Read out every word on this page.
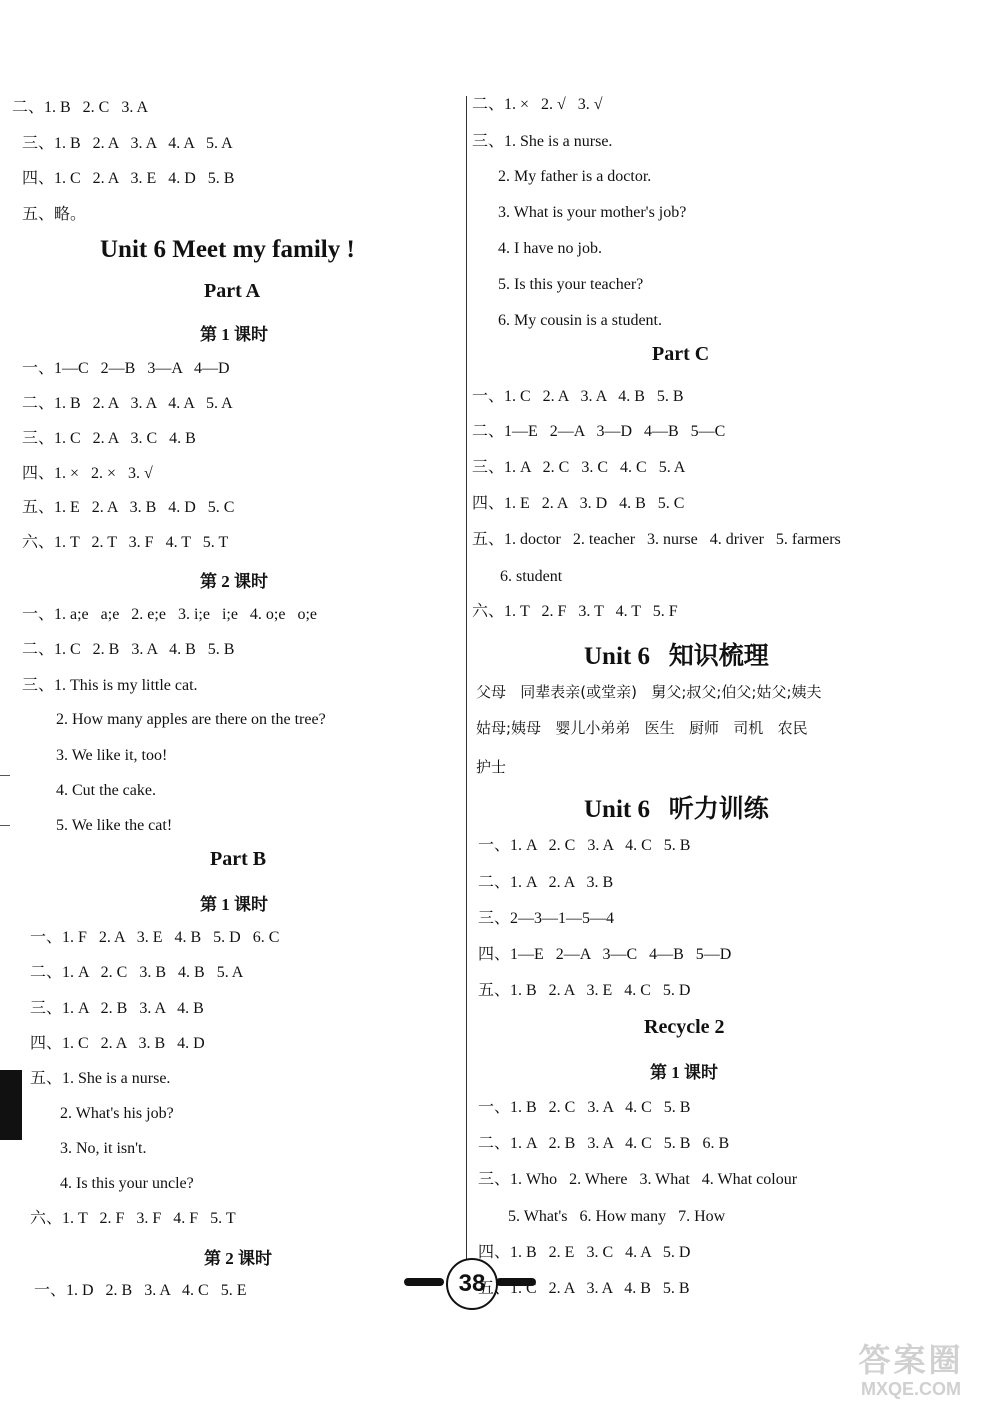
38
答案圈
MXQE.COM
二、1. B   2. C   3. A
三、1. B   2. A   3. A   4. A   5. A
四、1. C   2. A   3. E   4. D   5. B
五、略。
Unit 6 Meet my family !
Part A
第 1 课时
一、1—C   2—B   3—A   4—D
二、1. B   2. A   3. A   4. A   5. A
三、1. C   2. A   3. C   4. B
四、1. ×   2. ×   3. √
五、1. E   2. A   3. B   4. D   5. C
六、1. T   2. T   3. F   4. T   5. T
第 2 课时
一、1. a;e   a;e   2. e;e   3. i;e   i;e   4. o;e   o;e
二、1. C   2. B   3. A   4. B   5. B
三、1. This is my little cat.
2. How many apples are there on the tree?
3. We like it, too!
4. Cut the cake.
5. We like the cat!
Part B
第 1 课时
一、1. F   2. A   3. E   4. B   5. D   6. C
二、1. A   2. C   3. B   4. B   5. A
三、1. A   2. B   3. A   4. B
四、1. C   2. A   3. B   4. D
五、1. She is a nurse.
2. What's his job?
3. No, it isn't.
4. Is this your uncle?
六、1. T   2. F   3. F   4. F   5. T
第 2 课时
一、1. D   2. B   3. A   4. C   5. E
二、1. ×   2. √   3. √
三、1. She is a nurse.
2. My father is a doctor.
3. What is your mother's job?
4. I have no job.
5. Is this your teacher?
6. My cousin is a student.
Part C
一、1. C   2. A   3. A   4. B   5. B
二、1—E   2—A   3—D   4—B   5—C
三、1. A   2. C   3. C   4. C   5. A
四、1. E   2. A   3. D   4. B   5. C
五、1. doctor   2. teacher   3. nurse   4. driver   5. farmers
6. student
六、1. T   2. F   3. T   4. T   5. F
Unit 6   知识梳理
父母   同辈表亲(或堂亲)   舅父;叔父;伯父;姑父;姨夫
姑母;姨母   婴儿小弟弟   医生   厨师   司机   农民
护士
Unit 6   听力训练
一、1. A   2. C   3. A   4. C   5. B
二、1. A   2. A   3. B
三、2—3—1—5—4
四、1—E   2—A   3—C   4—B   5—D
五、1. B   2. A   3. E   4. C   5. D
Recycle 2
第 1 课时
一、1. B   2. C   3. A   4. C   5. B
二、1. A   2. B   3. A   4. C   5. B   6. B
三、1. Who   2. Where   3. What   4. What colour
5. What's   6. How many   7. How
四、1. B   2. E   3. C   4. A   5. D
五、1. C   2. A   3. A   4. B   5. B
